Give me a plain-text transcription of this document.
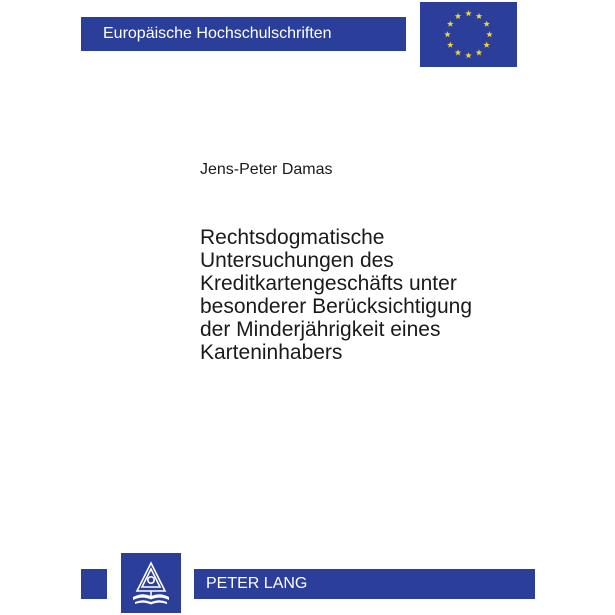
Europäische Hochschulschriften
Jens-Peter Damas
Rechtsdogmatische
Untersuchungen des
Kreditkartengeschäfts unter
besonderer Berücksichtigung
der Minderjährigkeit eines
Karteninhabers
PETER LANG
